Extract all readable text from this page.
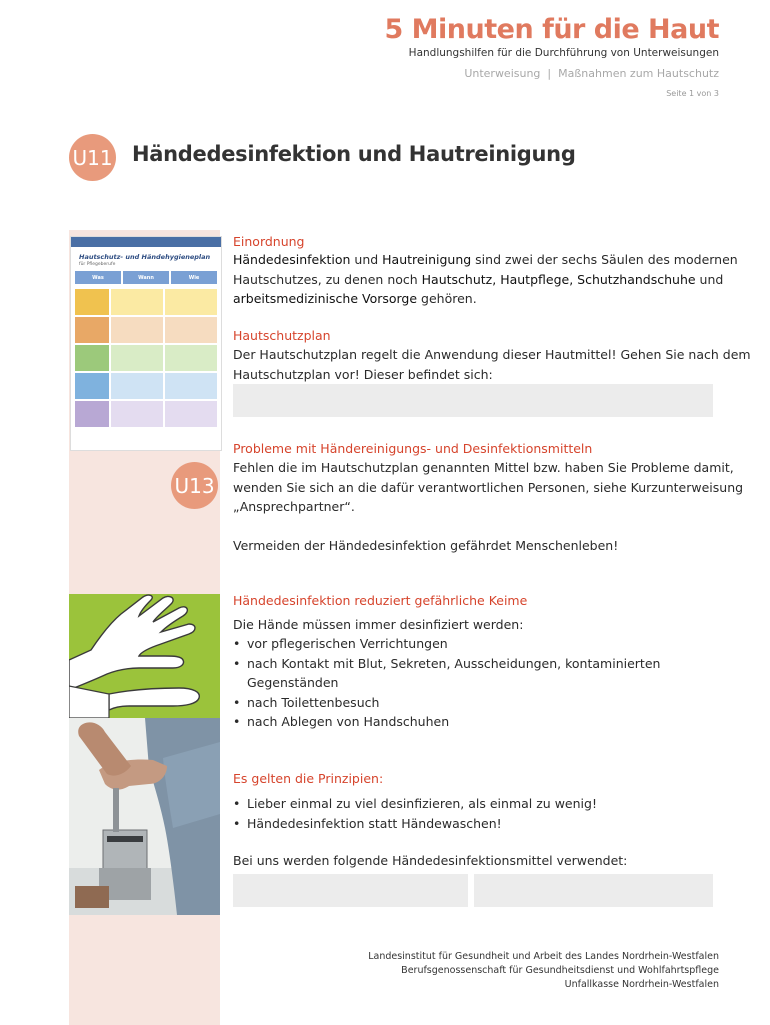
5 Minuten für die Haut
Handlungshilfen für die Durchführung von Unterweisungen
Unterweisung | Maßnahmen zum Hautschutz
Seite 1 von 3
U11 Händedesinfektion und Hautreinigung
Hautschutz- und Händehygieneplan
für Pflegeberufe
Was	Wann	Wie
Einordnung
Händedesinfektion und Hautreinigung sind zwei der sechs Säulen des modernen
Hautschutzes, zu denen noch Hautschutz, Hautpflege, Schutzhandschuhe und
arbeitsmedizinische Vorsorge gehören.
Hautschutzplan
Der Hautschutzplan regelt die Anwendung dieser Hautmittel! Gehen Sie nach dem
Hautschutzplan vor! Dieser befindet sich:
U13
Probleme mit Händereinigungs- und Desinfektionsmitteln
Fehlen die im Hautschutzplan genannten Mittel bzw. haben Sie Probleme damit,
wenden Sie sich an die dafür verantwortlichen Personen, siehe Kurzunterweisung
„Ansprechpartner“.
Vermeiden der Händedesinfektion gefährdet Menschenleben!
Händedesinfektion reduziert gefährliche Keime
Die Hände müssen immer desinfiziert werden:
• vor pflegerischen Verrichtungen
• nach Kontakt mit Blut, Sekreten, Ausscheidungen, kontaminierten
Gegenständen
• nach Toilettenbesuch
• nach Ablegen von Handschuhen
Es gelten die Prinzipien:
• Lieber einmal zu viel desinfizieren, als einmal zu wenig!
• Händedesinfektion statt Händewaschen!
Bei uns werden folgende Händedesinfektionsmittel verwendet:
Landesinstitut für Gesundheit und Arbeit des Landes Nordrhein-Westfalen
Berufsgenossenschaft für Gesundheitsdienst und Wohlfahrtspflege
Unfallkasse Nordrhein-Westfalen
